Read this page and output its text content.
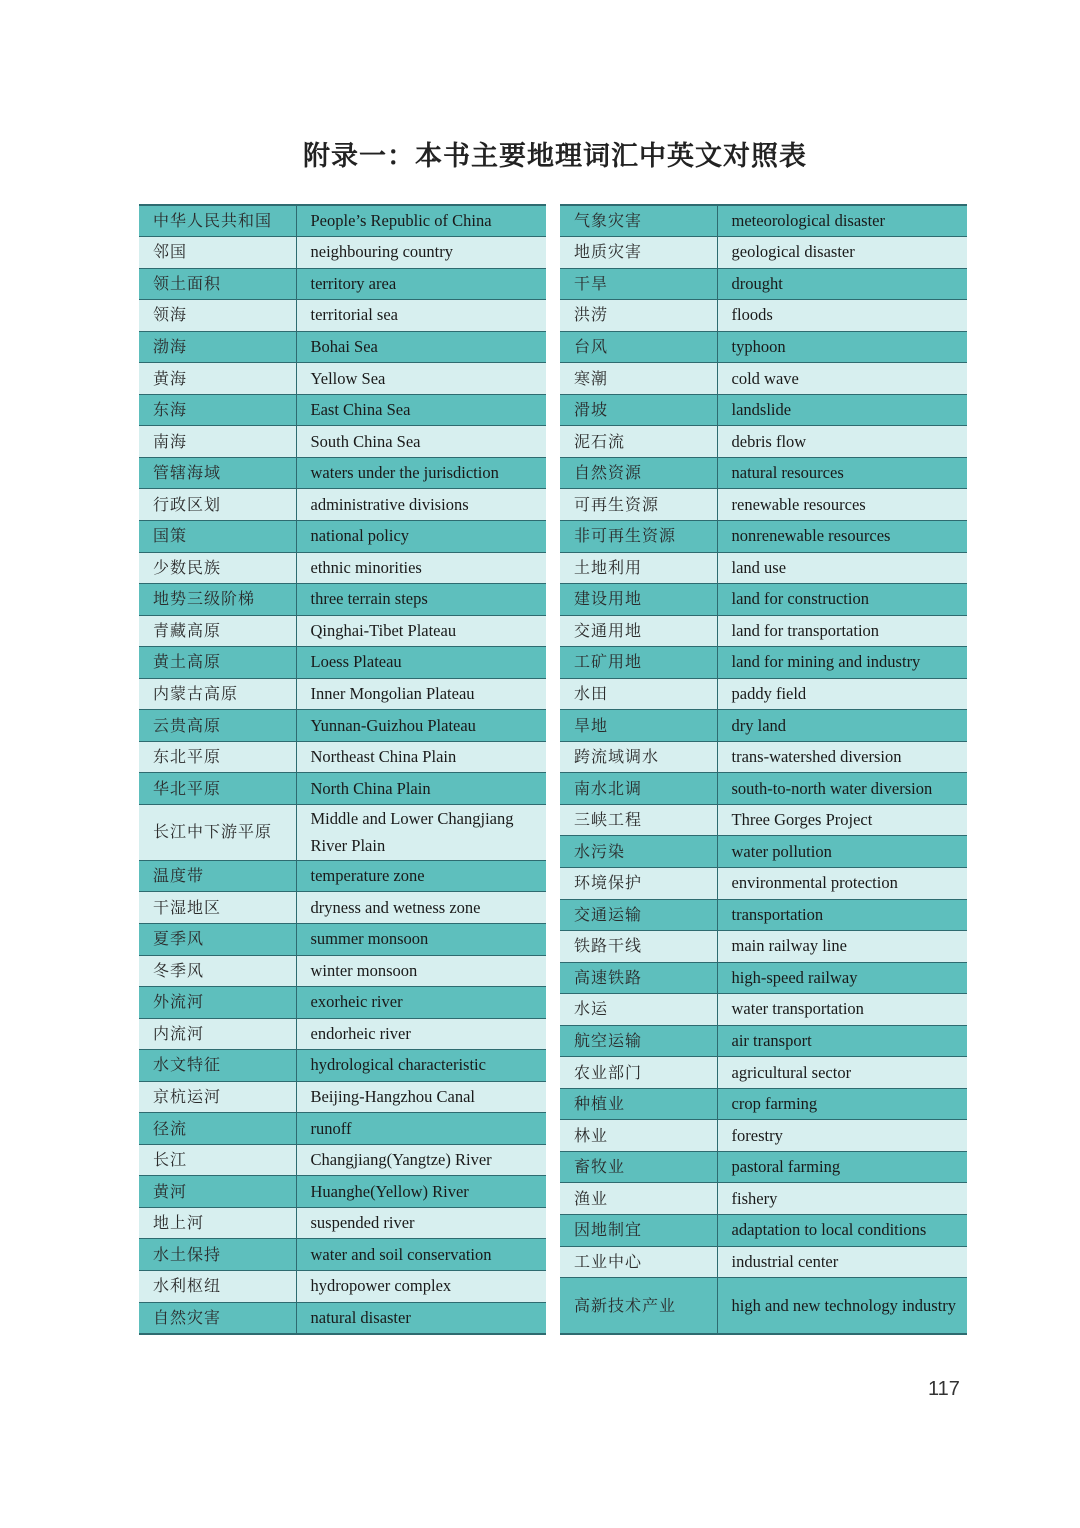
附录一：本书主要地理词汇中英文对照表
中华人民共和国	People’s Republic of China
邻国	neighbouring country
领土面积	territory area
领海	territorial sea
渤海	Bohai Sea
黄海	Yellow Sea
东海	East China Sea
南海	South China Sea
管辖海域	waters under the jurisdiction
行政区划	administrative divisions
国策	national policy
少数民族	ethnic minorities
地势三级阶梯	three terrain steps
青藏高原	Qinghai-Tibet Plateau
黄土高原	Loess Plateau
内蒙古高原	Inner Mongolian Plateau
云贵高原	Yunnan-Guizhou Plateau
东北平原	Northeast China Plain
华北平原	North China Plain
长江中下游平原	Middle and Lower Changjiang River Plain
温度带	temperature zone
干湿地区	dryness and wetness zone
夏季风	summer monsoon
冬季风	winter monsoon
外流河	exorheic river
内流河	endorheic river
水文特征	hydrological characteristic
京杭运河	Beijing-Hangzhou Canal
径流	runoff
长江	Changjiang(Yangtze) River
黄河	Huanghe(Yellow) River
地上河	suspended river
水土保持	water and soil conservation
水利枢纽	hydropower complex
自然灾害	natural disaster
气象灾害	meteorological disaster
地质灾害	geological disaster
干旱	drought
洪涝	floods
台风	typhoon
寒潮	cold wave
滑坡	landslide
泥石流	debris flow
自然资源	natural resources
可再生资源	renewable resources
非可再生资源	nonrenewable resources
土地利用	land use
建设用地	land for construction
交通用地	land for transportation
工矿用地	land for mining and industry
水田	paddy field
旱地	dry land
跨流域调水	trans-watershed diversion
南水北调	south-to-north water diversion
三峡工程	Three Gorges Project
水污染	water pollution
环境保护	environmental protection
交通运输	transportation
铁路干线	main railway line
高速铁路	high-speed railway
水运	water transportation
航空运输	air transport
农业部门	agricultural sector
种植业	crop farming
林业	forestry
畜牧业	pastoral farming
渔业	fishery
因地制宜	adaptation to local conditions
工业中心	industrial center
高新技术产业	high and new technology industry
117
